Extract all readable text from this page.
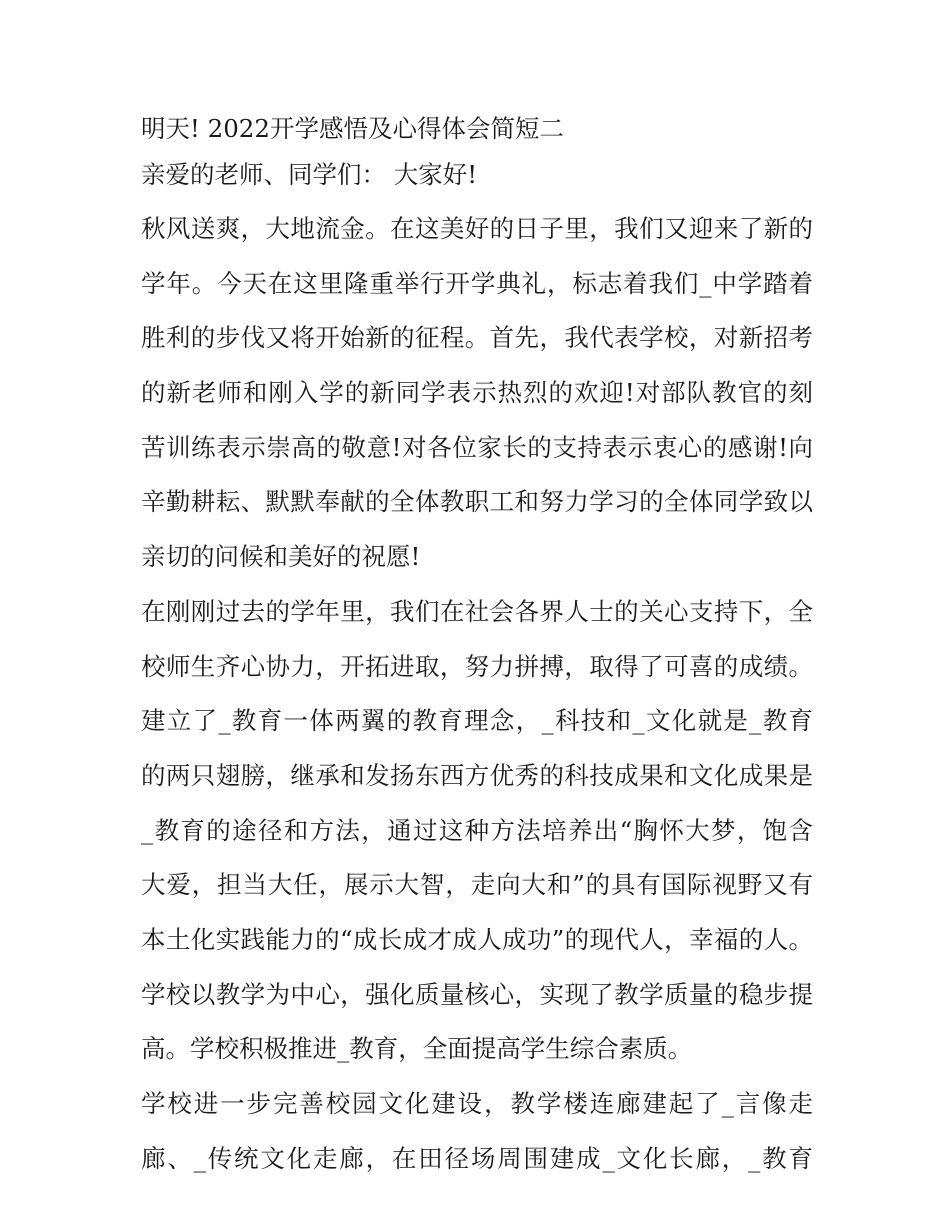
明天! 2022开学感悟及心得体会简短二
亲爱的老师、同学们： 大家好!
秋风送爽，大地流金。在这美好的日子里，我们又迎来了新的
学年。今天在这里隆重举行开学典礼，标志着我们_中学踏着
胜利的步伐又将开始新的征程。首先，我代表学校，对新招考
的新老师和刚入学的新同学表示热烈的欢迎!对部队教官的刻
苦训练表示崇高的敬意!对各位家长的支持表示衷心的感谢!向
辛勤耕耘、默默奉献的全体教职工和努力学习的全体同学致以
亲切的问候和美好的祝愿!
在刚刚过去的学年里，我们在社会各界人士的关心支持下，全
校师生齐心协力，开拓进取，努力拼搏，取得了可喜的成绩。
建立了_教育一体两翼的教育理念，_科技和_文化就是_教育
的两只翅膀，继承和发扬东西方优秀的科技成果和文化成果是
_教育的途径和方法，通过这种方法培养出“胸怀大梦，饱含
大爱，担当大任，展示大智，走向大和”的具有国际视野又有
本土化实践能力的“成长成才成人成功”的现代人，幸福的人。
学校以教学为中心，强化质量核心，实现了教学质量的稳步提
高。学校积极推进_教育，全面提高学生综合素质。
学校进一步完善校园文化建设，教学楼连廊建起了_言像走
廊、_传统文化走廊，在田径场周围建成_文化长廊，_教育
